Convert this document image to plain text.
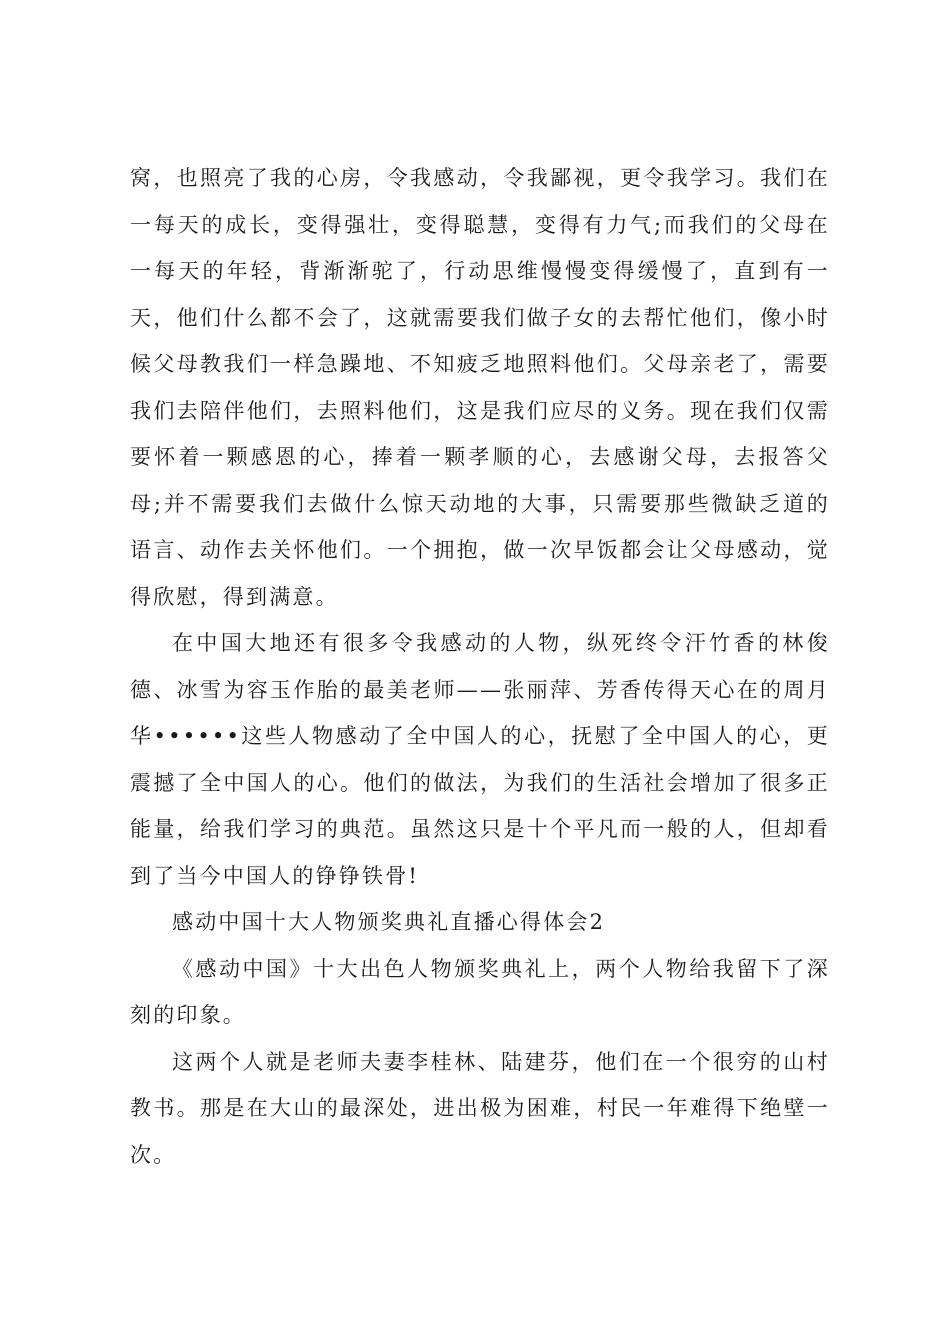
窝，也照亮了我的心房，令我感动，令我鄙视，更令我学习。我们在一每天的成长，变得强壮，变得聪慧，变得有力气;而我们的父母在一每天的年轻，背渐渐驼了，行动思维慢慢变得缓慢了，直到有一天，他们什么都不会了，这就需要我们做子女的去帮忙他们，像小时候父母教我们一样急躁地、不知疲乏地照料他们。父母亲老了，需要我们去陪伴他们，去照料他们，这是我们应尽的义务。现在我们仅需要怀着一颗感恩的心，捧着一颗孝顺的心，去感谢父母，去报答父母;并不需要我们去做什么惊天动地的大事，只需要那些微缺乏道的语言、动作去关怀他们。一个拥抱，做一次早饭都会让父母感动，觉得欣慰，得到满意。

在中国大地还有很多令我感动的人物，纵死终令汗竹香的林俊德、冰雪为容玉作胎的最美老师——张丽萍、芳香传得天心在的周月华••••••这些人物感动了全中国人的心，抚慰了全中国人的心，更震撼了全中国人的心。他们的做法，为我们的生活社会增加了很多正能量，给我们学习的典范。虽然这只是十个平凡而一般的人，但却看到了当今中国人的铮铮铁骨!

感动中国十大人物颁奖典礼直播心得体会2

《感动中国》十大出色人物颁奖典礼上，两个人物给我留下了深刻的印象。

这两个人就是老师夫妻李桂林、陆建芬，他们在一个很穷的山村教书。那是在大山的最深处，进出极为困难，村民一年难得下绝壁一次。
